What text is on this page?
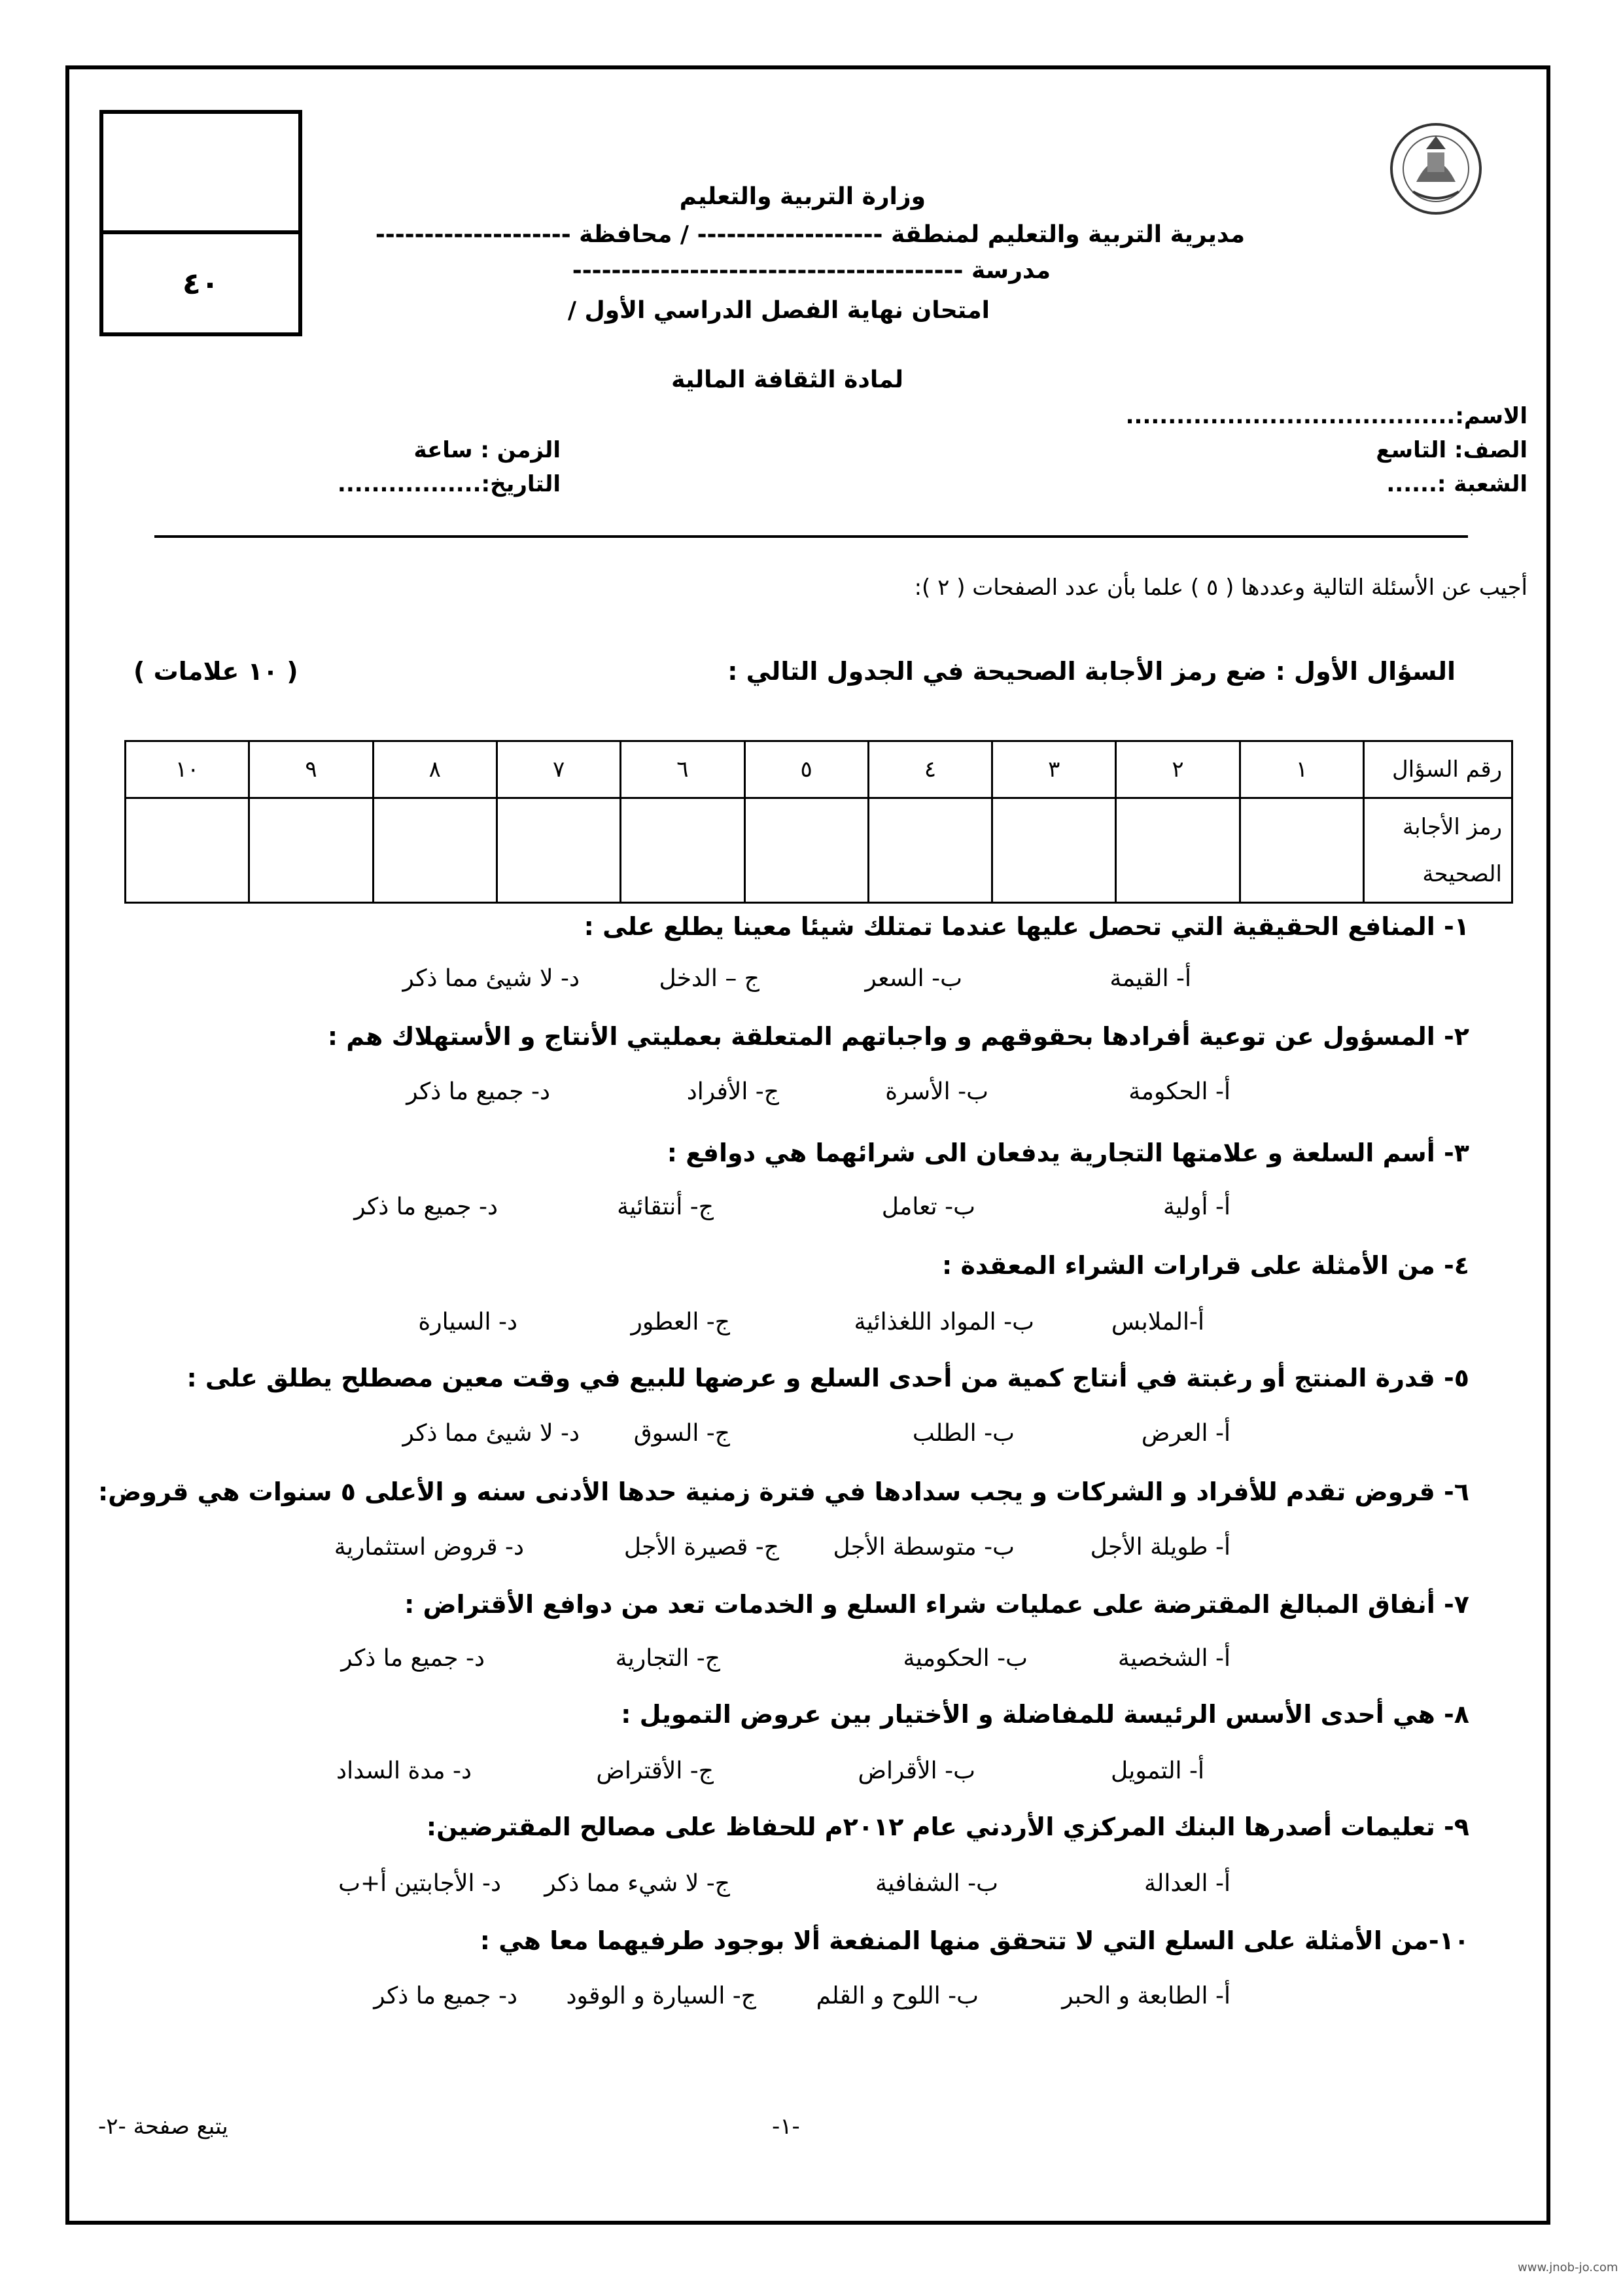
٤٠
وزارة التربية والتعليم
مديرية التربية والتعليم لمنطقة ------------------- / محافظة --------------------
مدرسة ----------------------------------------
امتحان نهاية الفصل الدراسي الأول /
لمادة الثقافة المالية
الاسم:.......................................
الصف: التاسع
الشعبة :......
الزمن : ساعة
التاريخ:.................
أجيب عن الأسئلة التالية وعددها ( ٥ ) علما بأن عدد الصفحات ( ٢ ):
السؤال الأول : ضع رمز الأجابة الصحيحة في الجدول التالي :
( ١٠ علامات )
رقم السؤال	١	٢	٣	٤	٥	٦	٧	٨	٩	١٠
رمز الأجابة الصحيحة										
١- المنافع الحقيقية التي تحصل عليها عندما تمتلك شيئا معينا يطلع على :
أ- القيمة
ب- السعر
ج – الدخل
د- لا شيئ مما ذكر
٢- المسؤول عن توعية أفرادها بحقوقهم و واجباتهم المتعلقة بعمليتي الأنتاج و الأستهلاك هم :
أ- الحكومة
ب- الأسرة
ج- الأفراد
د- جميع ما ذكر
٣- أسم السلعة و علامتها التجارية يدفعان الى شرائهما هي دوافع :
أ- أولية
ب- تعامل
ج- أنتقائية
د- جميع ما ذكر
٤- من الأمثلة على قرارات الشراء المعقدة :
أ-الملابس
ب- المواد اللغذائية
ج- العطور
د- السيارة
٥- قدرة المنتج أو رغبتة في أنتاج كمية من أحدى السلع و عرضها للبيع في وقت معين مصطلح يطلق على :
أ- العرض
ب- الطلب
ج- السوق
د- لا شيئ مما ذكر
٦- قروض تقدم للأفراد و الشركات و يجب سدادها في فترة زمنية حدها الأدنى سنه و الأعلى ٥ سنوات هي قروض:
أ- طويلة الأجل
ب- متوسطة الأجل
ج- قصيرة الأجل
د- قروض استثمارية
٧- أنفاق المبالغ المقترضة على عمليات شراء السلع و الخدمات تعد من دوافع الأقتراض :
أ- الشخصية
ب- الحكومية
ج- التجارية
د- جميع ما ذكر
٨- هي أحدى الأسس الرئيسة للمفاضلة و الأختيار بين عروض التمويل :
أ- التمويل
ب- الأقراض
ج- الأقتراض
د- مدة السداد
٩- تعليمات أصدرها البنك المركزي الأردني عام ٢٠١٢م للحفاظ على مصالح المقترضين:
أ- العدالة
ب- الشفافية
ج- لا شيء مما ذكر
د- الأجابتين أ+ب
١٠-من الأمثلة على السلع التي لا تتحقق منها المنفعة ألا بوجود طرفيهما معا هي :
أ- الطابعة و الحبر
ب- اللوح و القلم
ج- السيارة و الوقود
د- جميع ما ذكر
-١-
يتبع صفحة -٢-
www.jnob-jo.com
